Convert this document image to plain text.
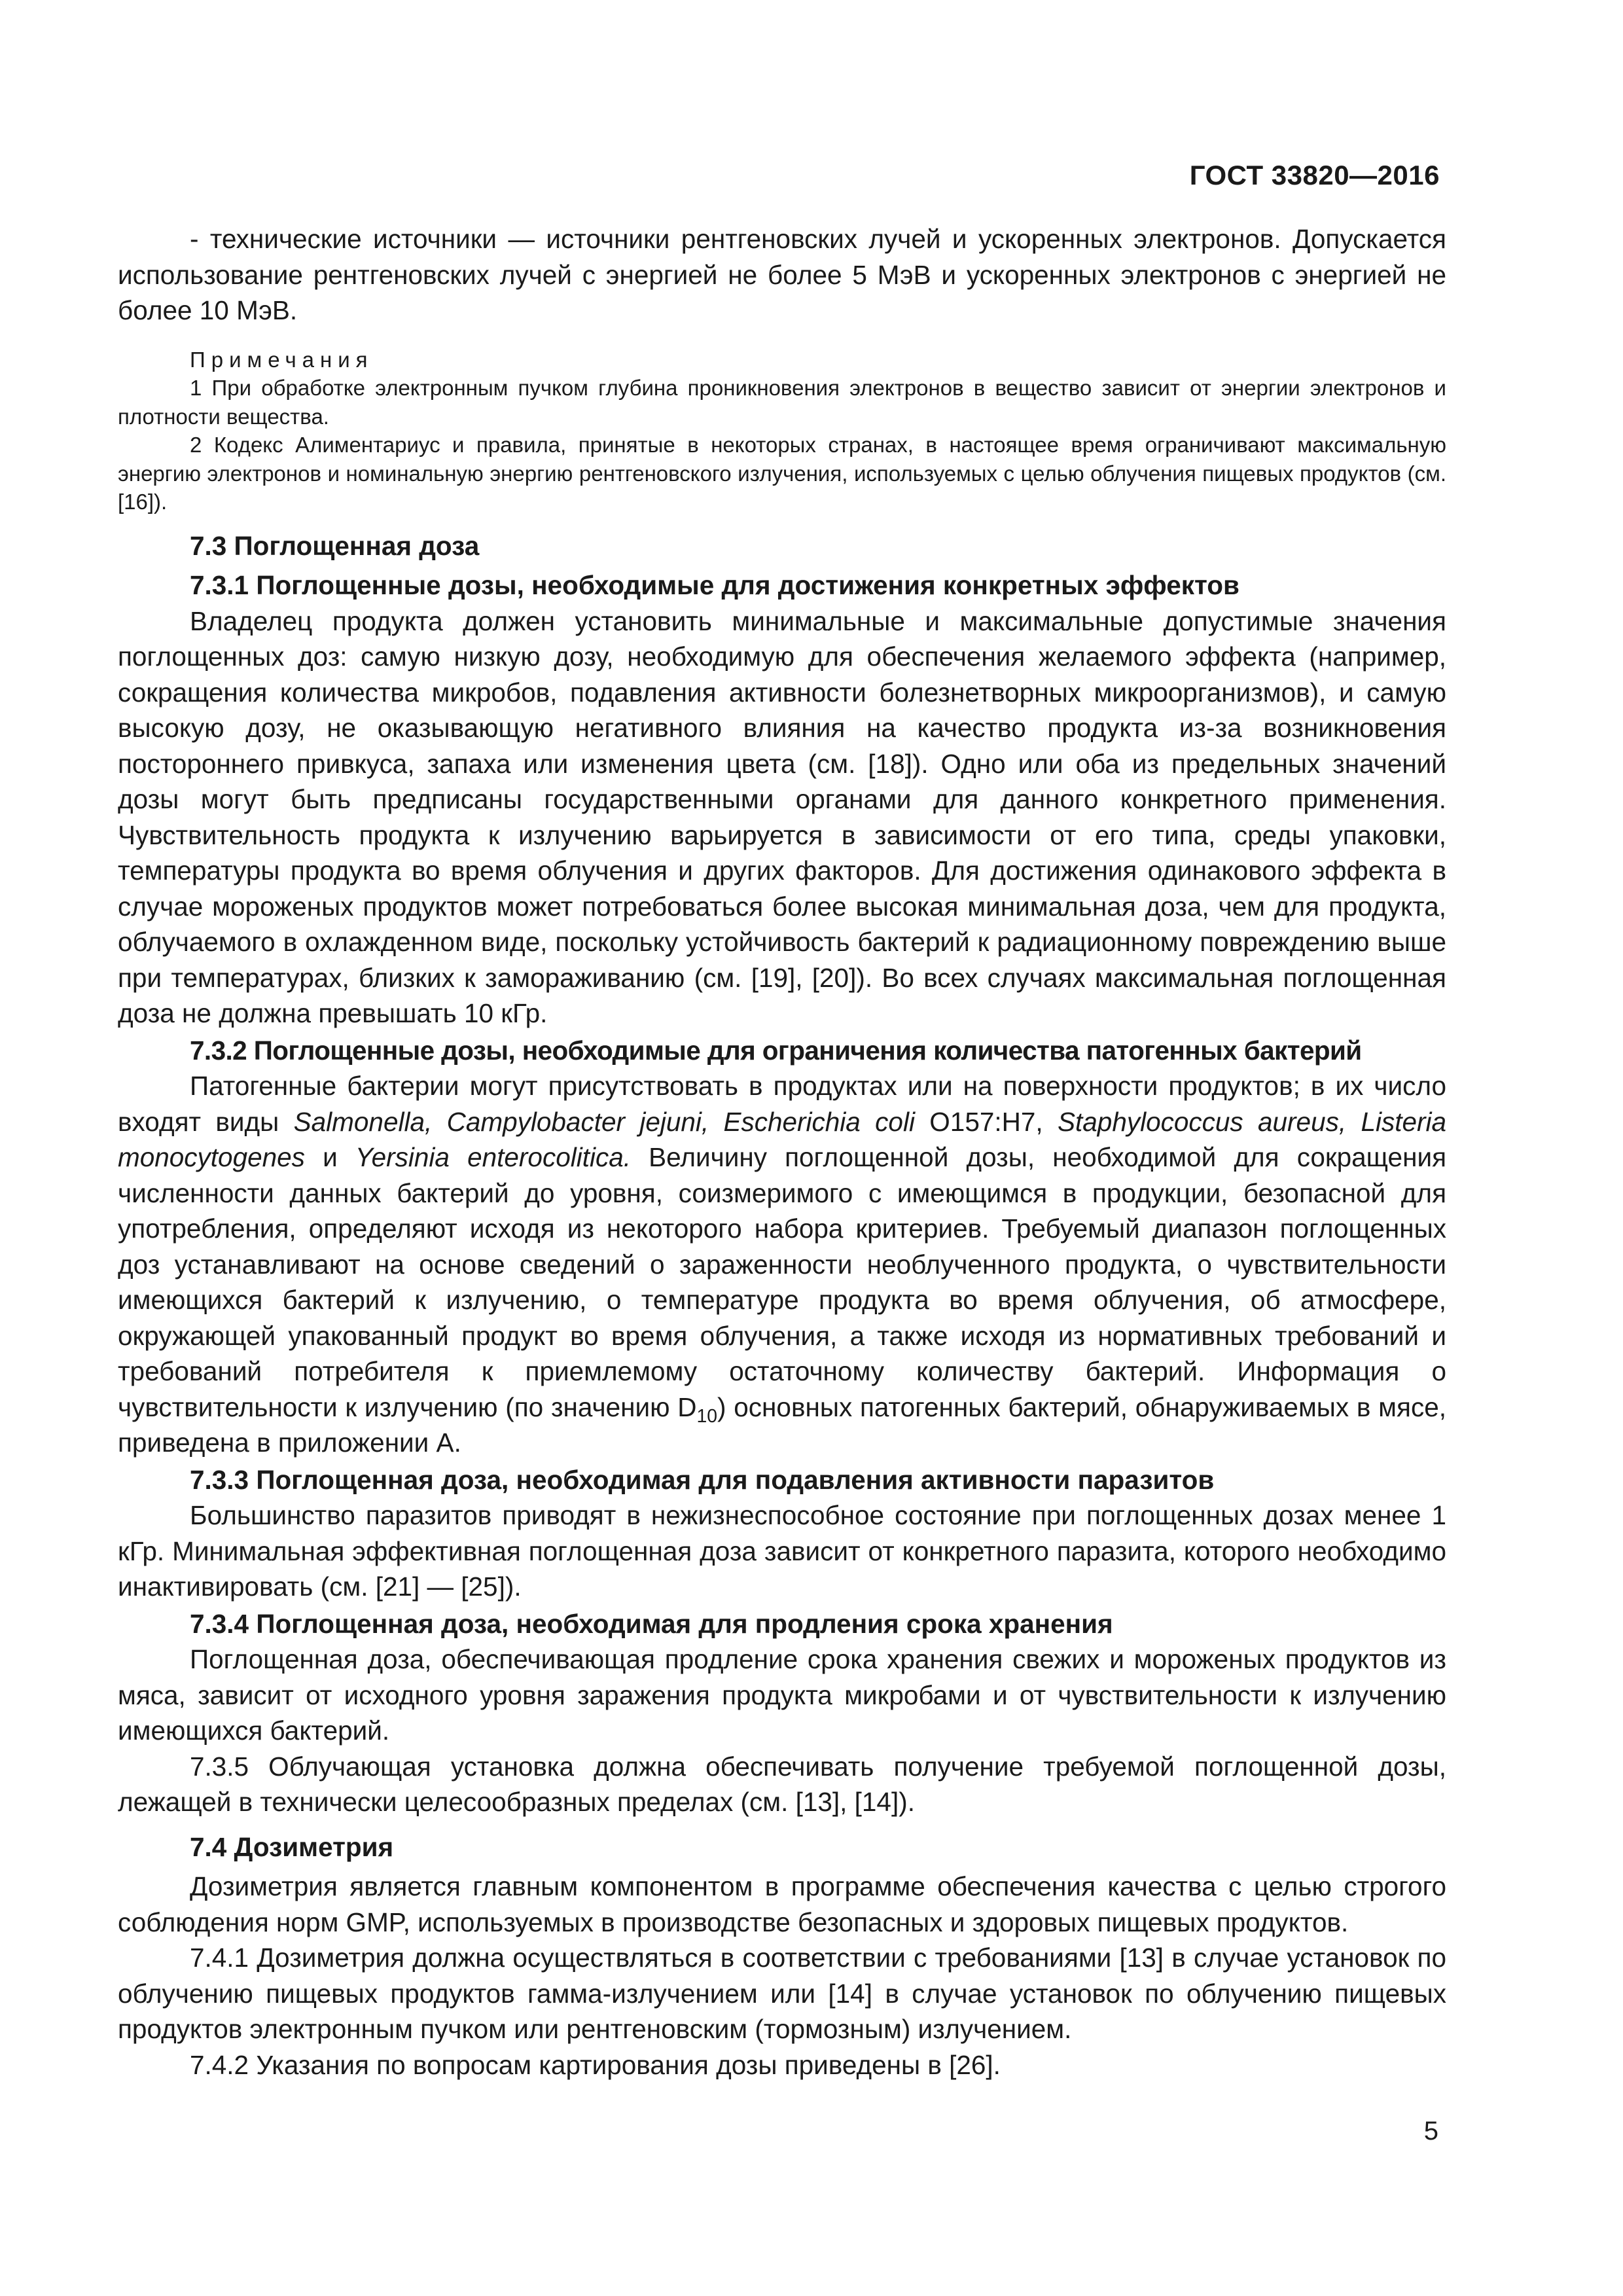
ГОСТ 33820—2016

- технические источники — источники рентгеновских лучей и ускоренных электронов. Допускается использование рентгеновских лучей с энергией не более 5 МэВ и ускоренных электронов с энергией не более 10 МэВ.

Примечания

1 При обработке электронным пучком глубина проникновения электронов в вещество зависит от энергии электронов и плотности вещества.

2 Кодекс Алиментариус и правила, принятые в некоторых странах, в настоящее время ограничивают максимальную энергию электронов и номинальную энергию рентгеновского излучения, используемых с целью облучения пищевых продуктов (см. [16]).

7.3 Поглощенная доза
7.3.1 Поглощенные дозы, необходимые для достижения конкретных эффектов

Владелец продукта должен установить минимальные и максимальные допустимые значения поглощенных доз: самую низкую дозу, необходимую для обеспечения желаемого эффекта (например, сокращения количества микробов, подавления активности болезнетворных микроорганизмов), и самую высокую дозу, не оказывающую негативного влияния на качество продукта из-за возникновения постороннего привкуса, запаха или изменения цвета (см. [18]). Одно или оба из предельных значений дозы могут быть предписаны государственными органами для данного конкретного применения. Чувствительность продукта к излучению варьируется в зависимости от его типа, среды упаковки, температуры продукта во время облучения и других факторов. Для достижения одинакового эффекта в случае мороженых продуктов может потребоваться более высокая минимальная доза, чем для продукта, облучаемого в охлажденном виде, поскольку устойчивость бактерий к радиационному повреждению выше при температурах, близких к замораживанию (см. [19], [20]). Во всех случаях максимальная поглощенная доза не должна превышать 10 кГр.

7.3.2 Поглощенные дозы, необходимые для ограничения количества патогенных бактерий

Патогенные бактерии могут присутствовать в продуктах или на поверхности продуктов; в их число входят виды Salmonella, Campylobacter jejuni, Escherichia coli O157:H7, Staphylococcus aureus, Listeria monocytogenes и Yersinia enterocolitica. Величину поглощенной дозы, необходимой для сокращения численности данных бактерий до уровня, соизмеримого с имеющимся в продукции, безопасной для употребления, определяют исходя из некоторого набора критериев. Требуемый диапазон поглощенных доз устанавливают на основе сведений о зараженности необлученного продукта, о чувствительности имеющихся бактерий к излучению, о температуре продукта во время облучения, об атмосфере, окружающей упакованный продукт во время облучения, а также исходя из нормативных требований и требований потребителя к приемлемому остаточному количеству бактерий. Информация о чувствительности к излучению (по значению $D_{10}$) основных патогенных бактерий, обнаруживаемых в мясе, приведена в приложении А.

7.3.3 Поглощенная доза, необходимая для подавления активности паразитов

Большинство паразитов приводят в нежизнеспособное состояние при поглощенных дозах менее 1 кГр. Минимальная эффективная поглощенная доза зависит от конкретного паразита, которого необходимо инактивировать (см. [21] — [25]).

7.3.4 Поглощенная доза, необходимая для продления срока хранения

Поглощенная доза, обеспечивающая продление срока хранения свежих и мороженых продуктов из мяса, зависит от исходного уровня заражения продукта микробами и от чувствительности к излучению имеющихся бактерий.

7.3.5 Облучающая установка должна обеспечивать получение требуемой поглощенной дозы, лежащей в технически целесообразных пределах (см. [13], [14]).

7.4 Дозиметрия

Дозиметрия является главным компонентом в программе обеспечения качества с целью строгого соблюдения норм GMP, используемых в производстве безопасных и здоровых пищевых продуктов.

7.4.1 Дозиметрия должна осуществляться в соответствии с требованиями [13] в случае установок по облучению пищевых продуктов гамма-излучением или [14] в случае установок по облучению пищевых продуктов электронным пучком или рентгеновским (тормозным) излучением.

7.4.2 Указания по вопросам картирования дозы приведены в [26].

5
